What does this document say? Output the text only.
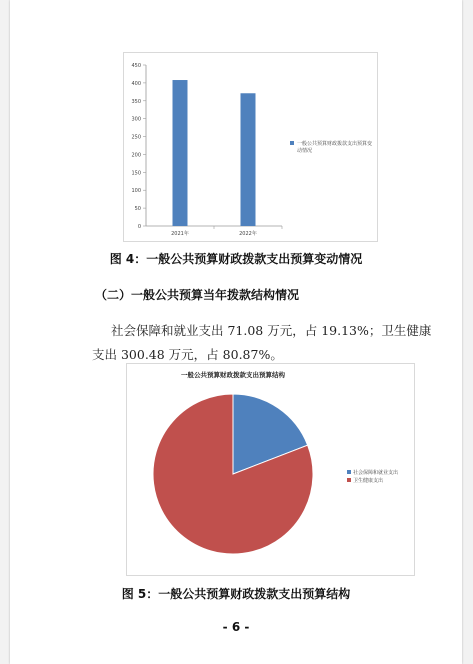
0
50
100
150
200
250
300
350
400
450
2021年	2022年
一般公共预算财政拨款支出预算变
动情况
图 4：一般公共预算财政拨款支出预算变动情况
（二）一般公共预算当年拨款结构情况
社会保障和就业支出 71.08 万元，占 19.13%；卫生健康
支出 300.48 万元，占 80.87%。
一般公共预算财政拨款支出预算结构
社会保障和就业支出
卫生健康支出
图 5：一般公共预算财政拨款支出预算结构
- 6 -
